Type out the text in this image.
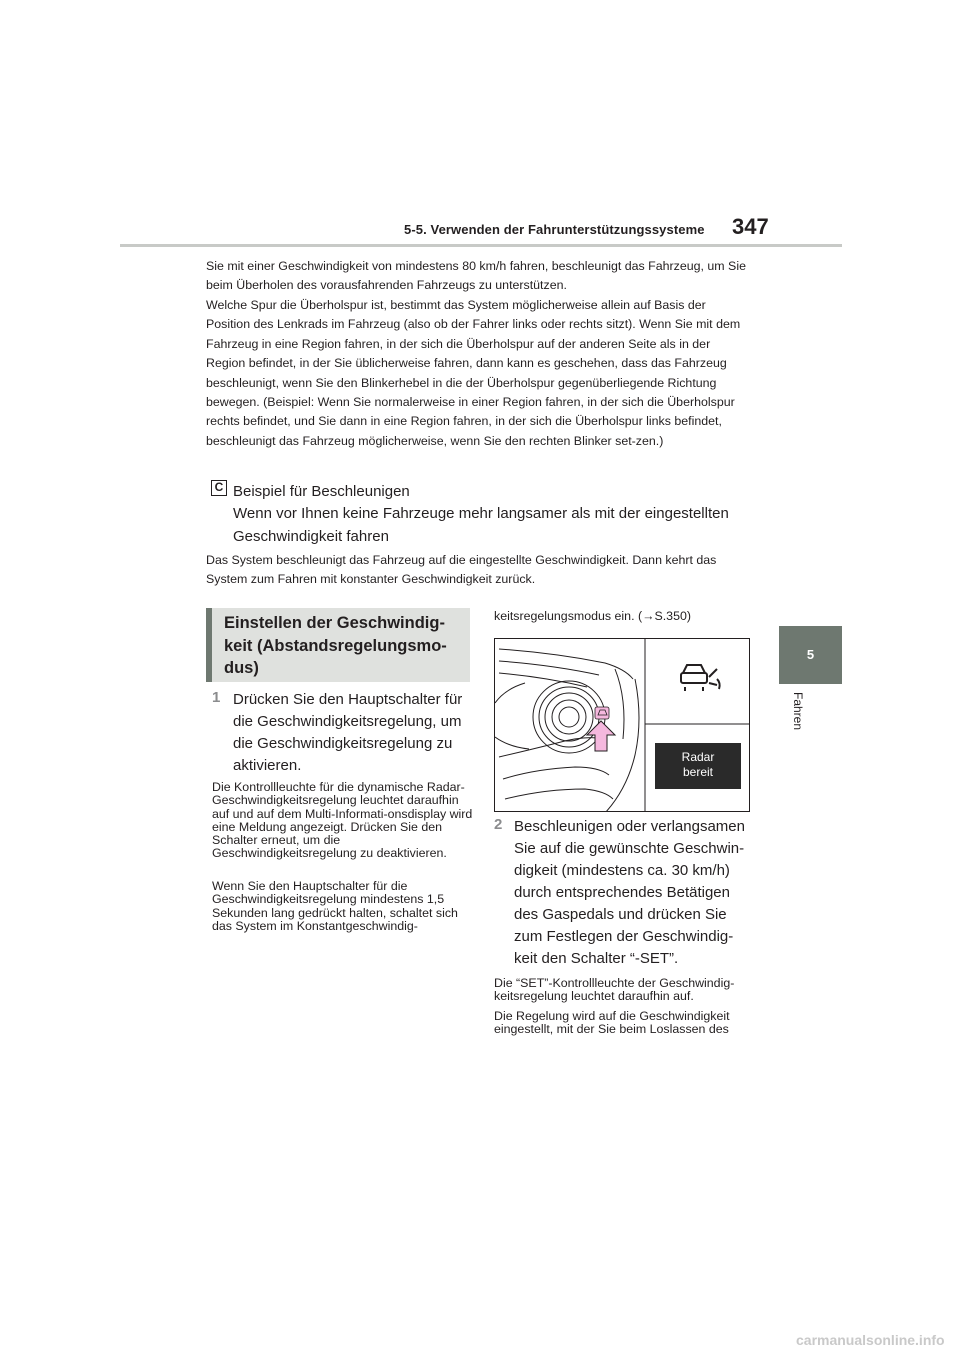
5-5. Verwenden der Fahrunterstützungssysteme 347
5
Fahren

Sie mit einer Geschwindigkeit von mindestens 80 km/h fahren, beschleunigt das Fahrzeug, um Sie beim Überholen des vorausfahrenden Fahrzeugs zu unterstützen.

Welche Spur die Überholspur ist, bestimmt das System möglicherweise allein auf Basis der Position des Lenkrads im Fahrzeug (also ob der Fahrer links oder rechts sitzt). Wenn Sie mit dem Fahrzeug in eine Region fahren, in der sich die Überholspur auf der anderen Seite als in der Region befindet, in der Sie üblicherweise fahren, dann kann es geschehen, dass das Fahrzeug beschleunigt, wenn Sie den Blinkerhebel in die der Überholspur gegenüberliegende Richtung bewegen. (Beispiel: Wenn Sie normalerweise in einer Region fahren, in der sich die Überholspur rechts befindet, und Sie dann in eine Region fahren, in der sich die Überholspur links befindet, beschleunigt das Fahrzeug möglicherweise, wenn Sie den rechten Blinker set-zen.)

C Beispiel für Beschleunigen
Wenn vor Ihnen keine Fahrzeuge mehr langsamer als mit der eingestellten Geschwindigkeit fahren

Das System beschleunigt das Fahrzeug auf die eingestellte Geschwindigkeit. Dann kehrt das System zum Fahren mit konstanter Geschwindigkeit zurück.

Einstellen der Geschwindig-keit (Abstandsregelungsmo-dus)
1 Drücken Sie den Hauptschalter für die Geschwindigkeitsregelung, um die Geschwindigkeitsregelung zu aktivieren.

Die Kontrollleuchte für die dynamische Radar-Geschwindigkeitsregelung leuchtet daraufhin auf und auf dem Multi-Informati-onsdisplay wird eine Meldung angezeigt. Drücken Sie den Schalter erneut, um die Geschwindigkeitsregelung zu deaktivieren.

Wenn Sie den Hauptschalter für die Geschwindigkeitsregelung mindestens 1,5 Sekunden lang gedrückt halten, schaltet sich das System im Konstantgeschwindig-

keitsregelungsmodus ein. (→S.350)
Radar
bereit
2 Beschleunigen oder verlangsamen Sie auf die gewünschte Geschwin-digkeit (mindestens ca. 30 km/h) durch entsprechendes Betätigen des Gaspedals und drücken Sie zum Festlegen der Geschwindig-keit den Schalter “-SET”.

Die “SET”-Kontrollleuchte der Geschwindig-keitsregelung leuchtet daraufhin auf.

Die Regelung wird auf die Geschwindigkeit eingestellt, mit der Sie beim Loslassen des

carmanualsonline.info
